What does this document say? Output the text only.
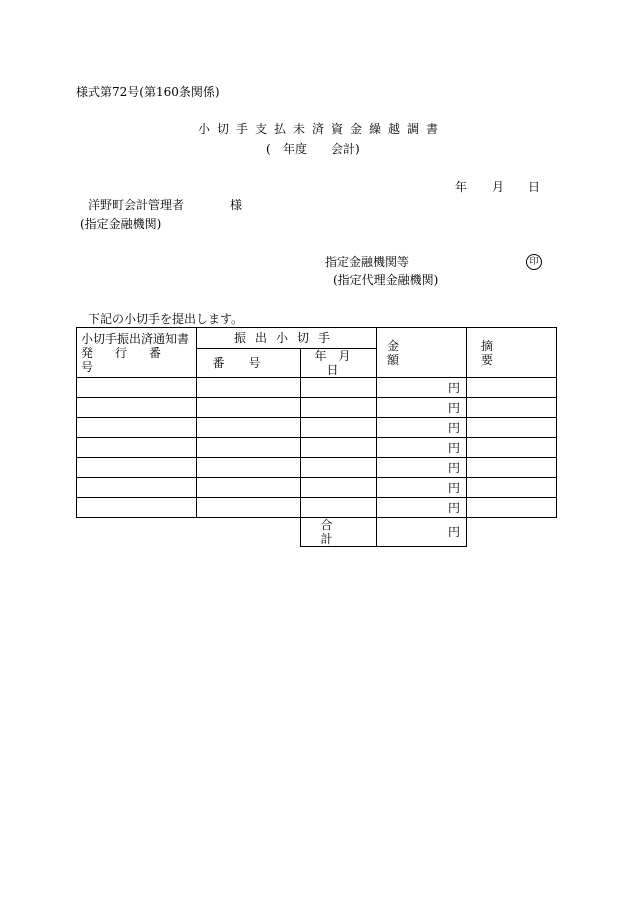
様式第72号(第160条関係)
小切手支払未済資金繰越調書
( 年度 会計)
年 月 日
洋野町会計管理者	様
(指定金融機関)
指定金融機関等	印
(指定代理金融機関)
下記の小切手を提出します。
小切手振出済通知書
発行番号	振出小切手		金額	摘要
	番号	年月日		
			円	
			円	
			円	
			円	
			円	
			円	
			円	
		合計	円	
